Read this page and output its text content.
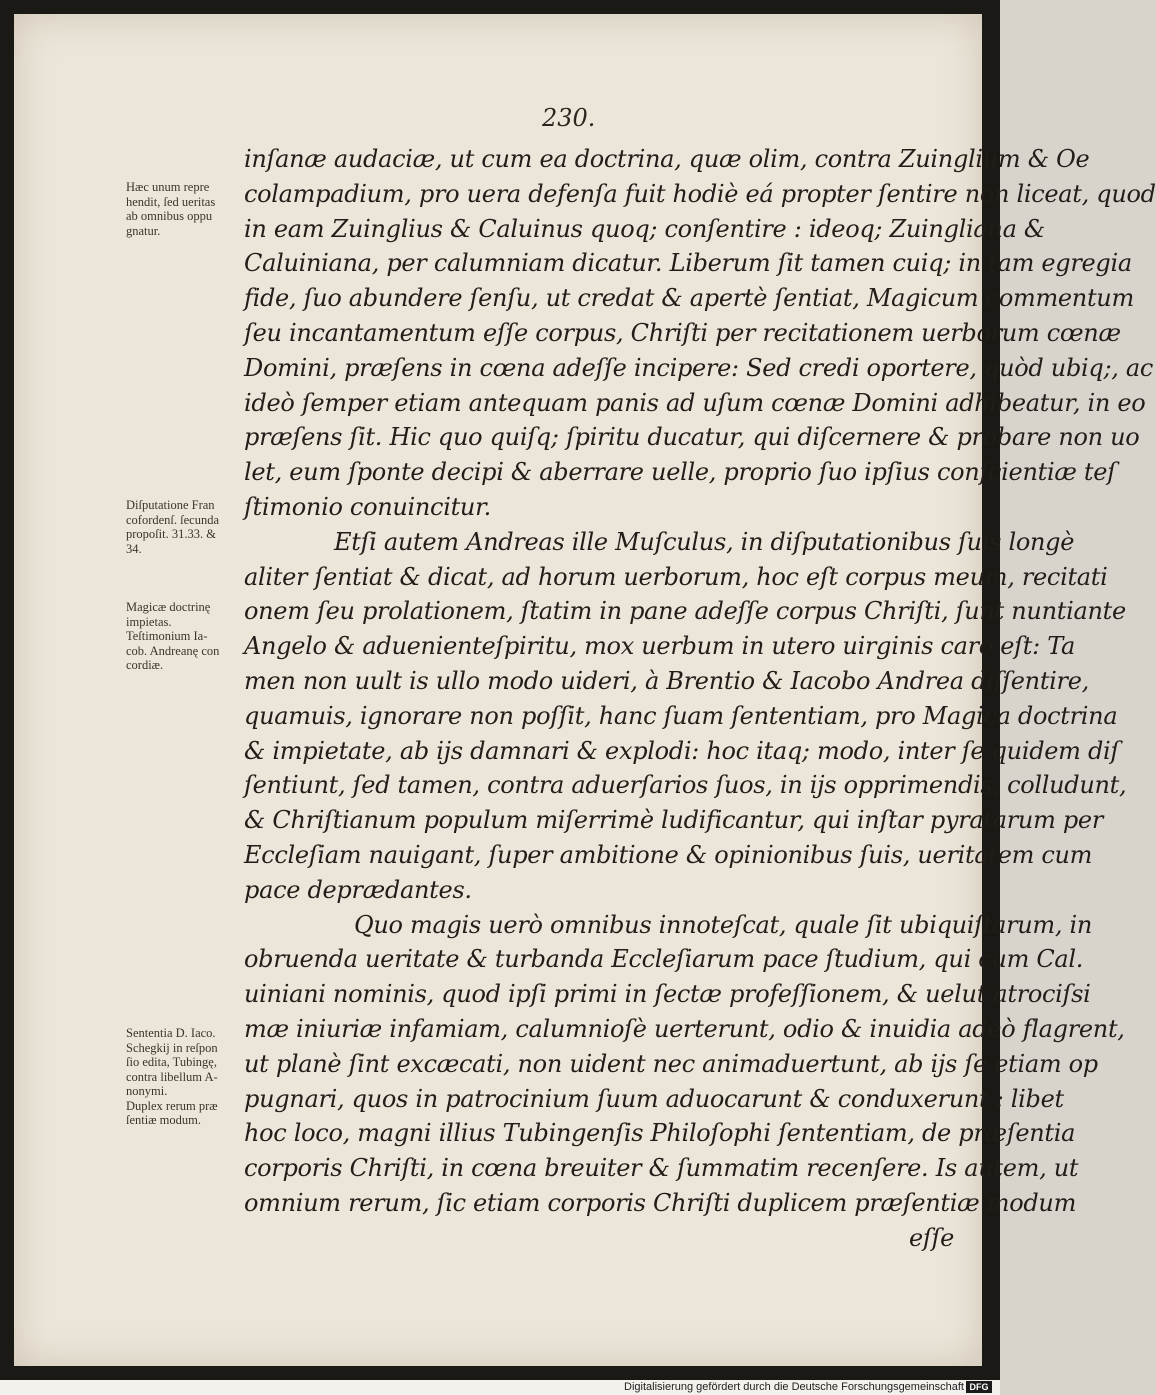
230.
Hæc unum repre
hendit, ſed ueritas
ab omnibus oppu
gnatur.
Diſputatione Fran
cofordenſ. ſecunda
propoſit. 31.33. &
34.
Magicæ doctrinę
impietas.
Teſtimonium Ia-
cob. Andreanę con
cordiæ.
Sententia D. Iaco.
Schegkij in reſpon
ſio edita, Tubingę,
contra libellum A-
nonymi.
Duplex rerum præ
ſentiæ modum.
inſanæ audaciæ, ut cum ea doctrina, quæ olim, contra Zuinglium & Oe
colampadium, pro uera defenſa fuit hodiè eá propter ſentire non liceat, quod
in eam Zuinglius & Caluinus quoq; conſentire : ideoq; Zuingliana &
Caluiniana, per calumniam dicatur. Liberum ſit tamen cuiq; in tam egregia
fide, ſuo abundere ſenſu, ut credat & apertè ſentiat, Magicum commentum
ſeu incantamentum eſſe corpus, Chriſti per recitationem uerborum cœnæ
Domini, præſens in cœna adeſſe incipere: Sed credi oportere, quòd ubiq;, ac
ideò ſemper etiam antequam panis ad uſum cœnæ Domini adhibeatur, in eo
præſens ſit. Hic quo quiſq; ſpiritu ducatur, qui diſcernere & probare non uo
let, eum ſponte decipi & aberrare uelle, proprio ſuo ipſius conſcientiæ teſ
ſtimonio conuincitur.
Etſi autem Andreas ille Muſculus, in diſputationibus ſuis longè
aliter ſentiat & dicat, ad horum uerborum, hoc eſt corpus meum, recitati
onem ſeu prolationem, ſtatim in pane adeſſe corpus Chriſti, ſunt nuntiante
Angelo & aduenienteſpiritu, mox uerbum in utero uirginis caro eſt: Ta
men non uult is ullo modo uideri, à Brentio & Iacobo Andrea diſſentire,
quamuis, ignorare non poſſit, hanc ſuam ſententiam, pro Magica doctrina
& impietate, ab ijs damnari & explodi: hoc itaq; modo, inter ſe quidem diſ
ſentiunt, ſed tamen, contra aduerſarios ſuos, in ijs opprimendis, colludunt,
& Chriſtianum populum miſerrimè ludificantur, qui inſtar pyratarum per
Eccleſiam nauigant, ſuper ambitione & opinionibus ſuis, ueritatem cum
pace deprædantes.
Quo magis uerò omnibus innoteſcat, quale ſit ubiquiſtarum, in
obruenda ueritate & turbanda Eccleſiarum pace ſtudium, qui cum Cal.
uiniani nominis, quod ipſi primi in ſectæ profeſſionem, & uelut atrociſsi
mæ iniuriæ infamiam, calumnioſè uerterunt, odio & inuidia adeò flagrent,
ut planè ſint excæcati, non uident nec animaduertunt, ab ijs ſe etiam op
pugnari, quos in patrocinium ſuum aduocarunt & conduxerunt : libet
hoc loco, magni illius Tubingenſis Philoſophi ſententiam, de præſentia
corporis Chriſti, in cœna breuiter & ſummatim recenſere. Is autem, ut
omnium rerum, ſic etiam corporis Chriſti duplicem præſentiæ modum
eſſe
Digitalisierung gefördert durch die Deutsche Forschungsgemeinschaft DFG
